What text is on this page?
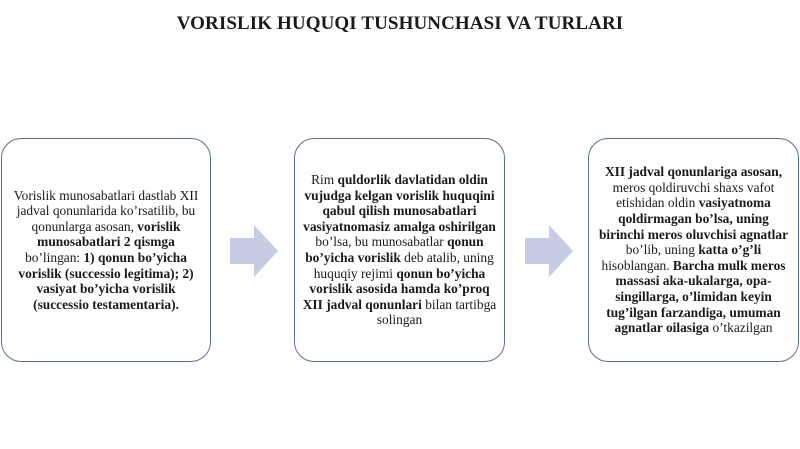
VORISLIK HUQUQI TUSHUNCHASI VA TURLARI
Vorislik munosabatlari dastlab XII jadval qonunlarida ko’rsatilib, bu qonunlarga asosan, vorislik munosabatlari 2 qismga bo’lingan: 1) qonun bo’yicha vorislik (successio legitima); 2) vasiyat bo’yicha vorislik (successio testamentaria).
Rim quldorlik davlatidan oldin vujudga kelgan vorislik huquqini qabul qilish munosabatlari vasiyatnomasiz amalga oshirilgan bo’lsa, bu munosabatlar qonun bo’yicha vorislik deb atalib, uning huquqiy rejimi qonun bo’yicha vorislik asosida hamda ko’proq XII jadval qonunlari bilan tartibga solingan
XII jadval qonunlariga asosan, meros qoldiruvchi shaxs vafot etishidan oldin vasiyatnoma qoldirmagan bo’lsa, uning birinchi meros oluvchisi agnatlar bo’lib, uning katta o’g’li hisoblangan. Barcha mulk meros massasi aka-ukalarga, opa-singillarga, o’limidan keyin tug’ilgan farzandiga, umuman agnatlar oilasiga o’tkazilgan
